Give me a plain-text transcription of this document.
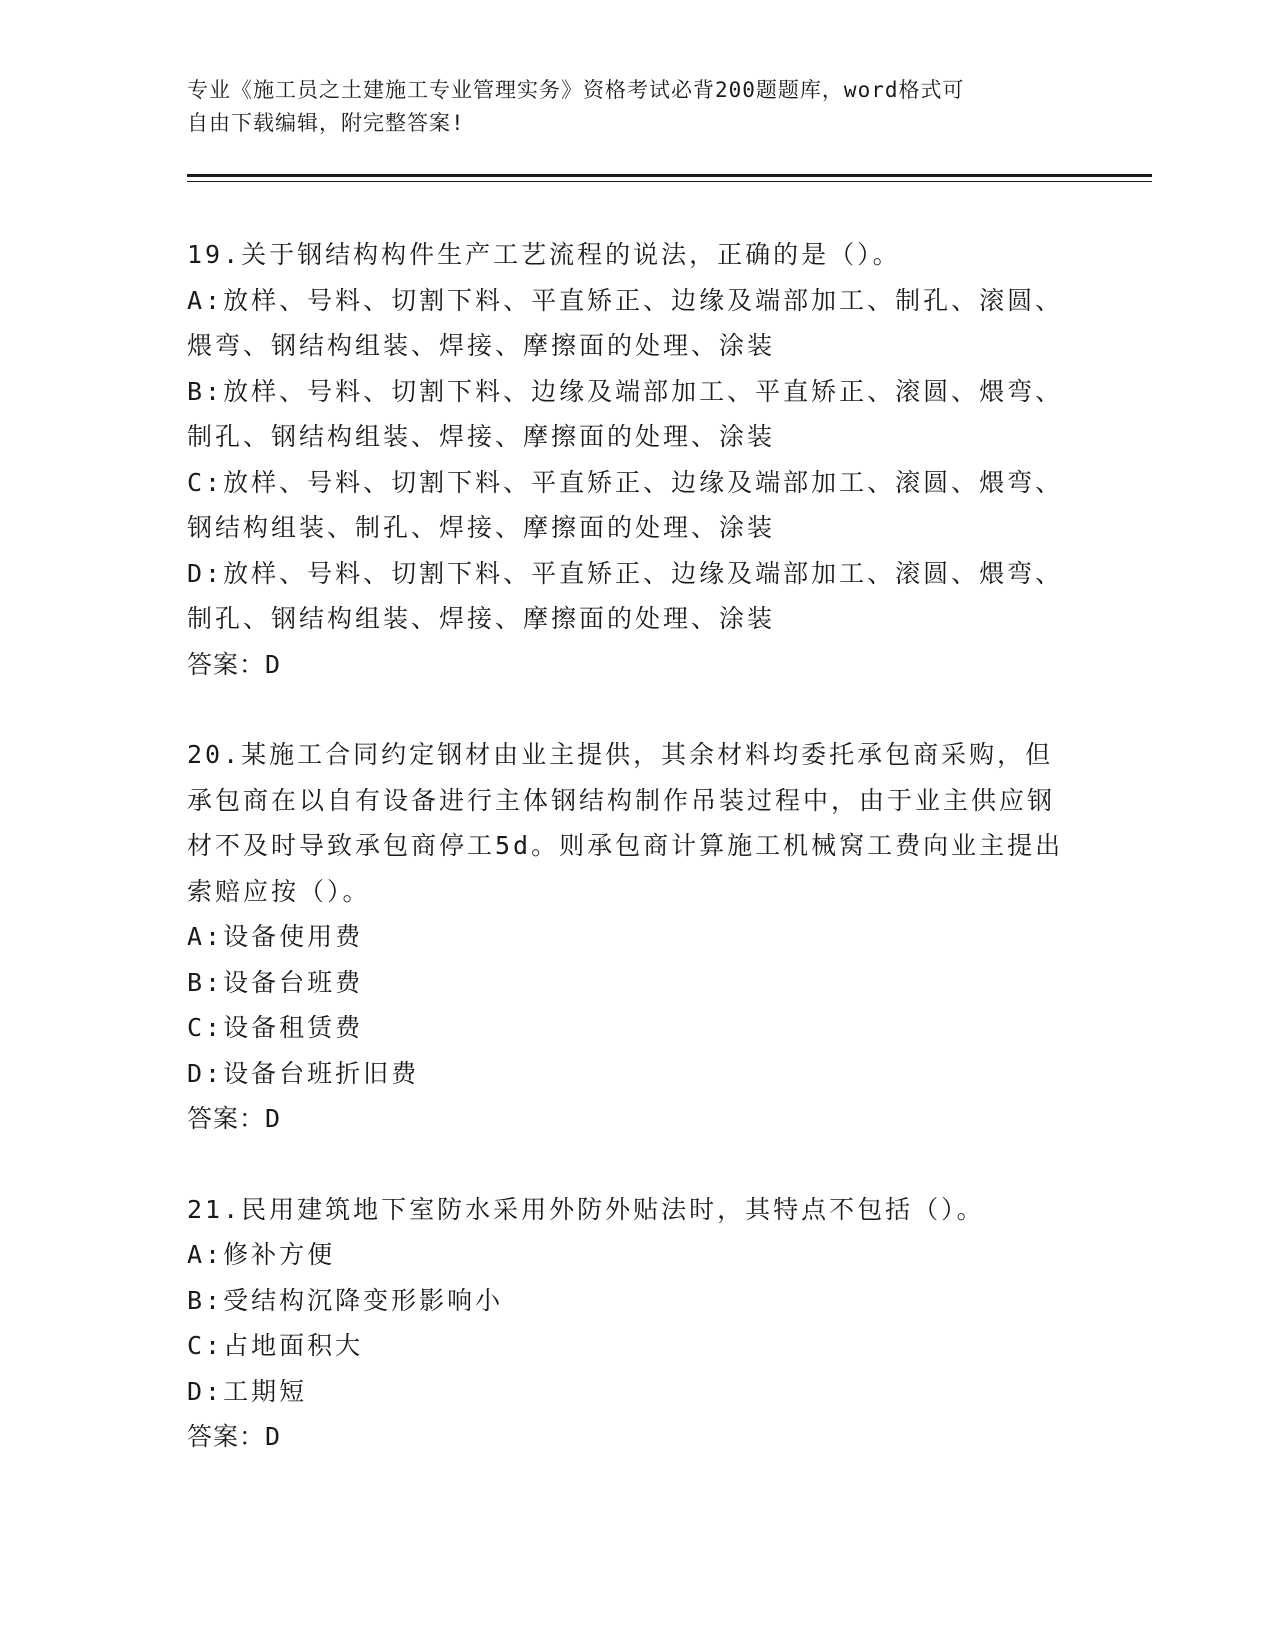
专业《施工员之土建施工专业管理实务》资格考试必背200题题库，word格式可
自由下载编辑，附完整答案!
19.关于钢结构构件生产工艺流程的说法，正确的是（）。
A:放样、号料、切割下料、平直矫正、边缘及端部加工、制孔、滚圆、煨弯、钢结构组装、焊接、摩擦面的处理、涂装
B:放样、号料、切割下料、边缘及端部加工、平直矫正、滚圆、煨弯、制孔、钢结构组装、焊接、摩擦面的处理、涂装
C:放样、号料、切割下料、平直矫正、边缘及端部加工、滚圆、煨弯、钢结构组装、制孔、焊接、摩擦面的处理、涂装
D:放样、号料、切割下料、平直矫正、边缘及端部加工、滚圆、煨弯、制孔、钢结构组装、焊接、摩擦面的处理、涂装
答案：D
20.某施工合同约定钢材由业主提供，其余材料均委托承包商采购，但承包商在以自有设备进行主体钢结构制作吊装过程中，由于业主供应钢材不及时导致承包商停工5d。则承包商计算施工机械窝工费向业主提出索赔应按（）。
A:设备使用费
B:设备台班费
C:设备租赁费
D:设备台班折旧费
答案：D
21.民用建筑地下室防水采用外防外贴法时，其特点不包括（）。
A:修补方便
B:受结构沉降变形影响小
C:占地面积大
D:工期短
答案：D
